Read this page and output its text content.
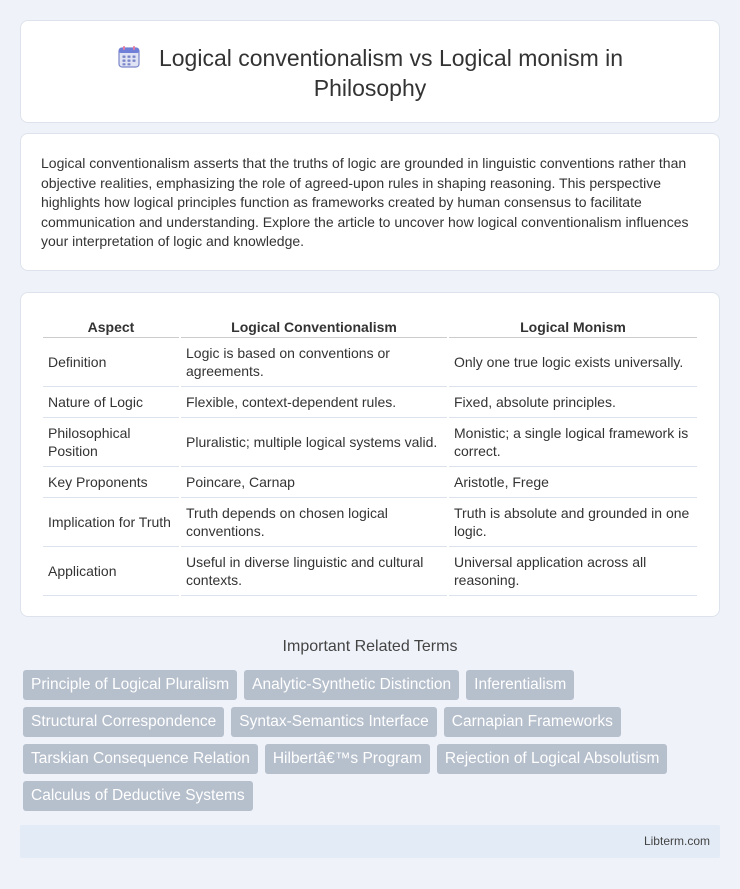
Logical conventionalism vs Logical monism in Philosophy

Logical conventionalism asserts that the truths of logic are grounded in linguistic conventions rather than objective realities, emphasizing the role of agreed-upon rules in shaping reasoning. This perspective highlights how logical principles function as frameworks created by human consensus to facilitate communication and understanding. Explore the article to uncover how logical conventionalism influences your interpretation of logic and knowledge.

Aspect	Logical Conventionalism	Logical Monism
Definition	Logic is based on conventions or agreements.	Only one true logic exists universally.
Nature of Logic	Flexible, context-dependent rules.	Fixed, absolute principles.
Philosophical Position	Pluralistic; multiple logical systems valid.	Monistic; a single logical framework is correct.
Key Proponents	Poincare, Carnap	Aristotle, Frege
Implication for Truth	Truth depends on chosen logical conventions.	Truth is absolute and grounded in one logic.
Application	Useful in diverse linguistic and cultural contexts.	Universal application across all reasoning.
Important Related Terms
Principle of Logical Pluralism	Analytic-Synthetic Distinction	Inferentialism
Structural Correspondence	Syntax-Semantics Interface	Carnapian Frameworks
Tarskian Consequence Relation	Hilbertâ€™s Program	Rejection of Logical Absolutism
Calculus of Deductive Systems
Libterm.com
